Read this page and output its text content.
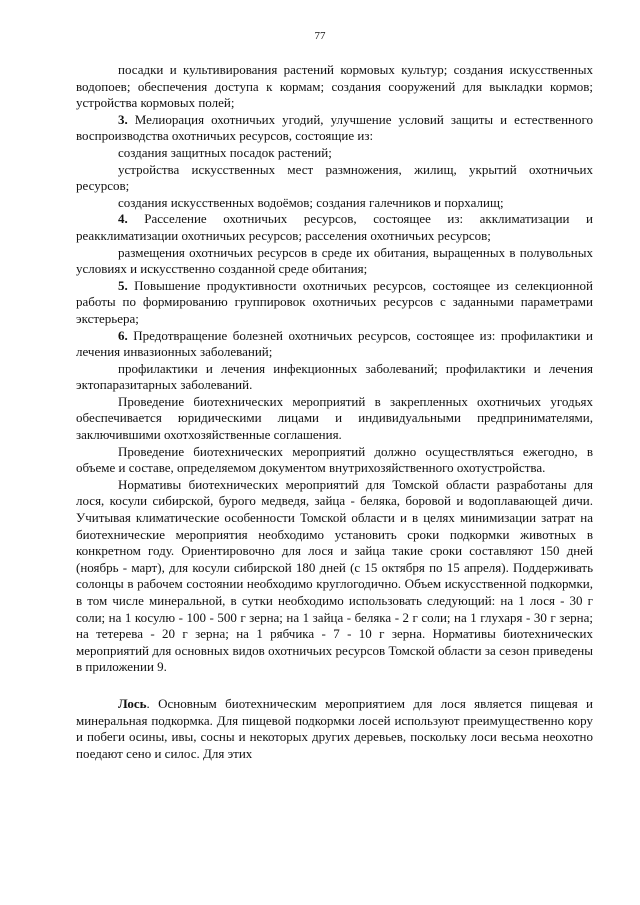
77

посадки и культивирования растений кормовых культур; создания искусственных водопоев; обеспечения доступа к кормам; создания сооружений для выкладки кормов; устройства кормовых полей;

3. Мелиорация охотничьих угодий, улучшение условий защиты и естественного воспроизводства охотничьих ресурсов, состоящие из:

создания защитных посадок растений;

устройства искусственных мест размножения, жилищ, укрытий охотничьих ресурсов;

создания искусственных водоёмов; создания галечников и порхалищ;

4. Расселение охотничьих ресурсов, состоящее из: акклиматизации и реакклиматизации охотничьих ресурсов; расселения охотничьих ресурсов;

размещения охотничьих ресурсов в среде их обитания, выращенных в полувольных условиях и искусственно созданной среде обитания;

5. Повышение продуктивности охотничьих ресурсов, состоящее из селекционной работы по формированию группировок охотничьих ресурсов с заданными параметрами экстерьера;

6. Предотвращение болезней охотничьих ресурсов, состоящее из: профилактики и лечения инвазионных заболеваний;

профилактики и лечения инфекционных заболеваний; профилактики и лечения эктопаразитарных заболеваний.

Проведение биотехнических мероприятий в закрепленных охотничьих угодьях обеспечивается юридическими лицами и индивидуальными предпринимателями, заключившими охотхозяйственные соглашения.

Проведение биотехнических мероприятий должно осуществляться ежегодно, в объеме и составе, определяемом документом внутрихозяйственного охотустройства.

Нормативы биотехнических мероприятий для Томской области разработаны для лося, косули сибирской, бурого медведя, зайца - беляка, боровой и водоплавающей дичи. Учитывая климатические особенности Томской области и в целях минимизации затрат на биотехнические мероприятия необходимо установить сроки подкормки животных в конкретном году. Ориентировочно для лося и зайца такие сроки составляют 150 дней (ноябрь - март), для косули сибирской 180 дней (с 15 октября по 15 апреля). Поддерживать солонцы в рабочем состоянии необходимо круглогодично. Объем искусственной подкормки, в том числе минеральной, в сутки необходимо использовать следующий: на 1 лося - 30 г соли; на 1 косулю - 100 - 500 г зерна; на 1 зайца - беляка - 2 г соли; на 1 глухаря - 30 г зерна; на тетерева - 20 г зерна; на 1 рябчика - 7 - 10 г зерна. Нормативы биотехнических мероприятий для основных видов охотничьих ресурсов Томской области за сезон приведены в приложении 9.

Лось. Основным биотехническим мероприятием для лося является пищевая и минеральная подкормка. Для пищевой подкормки лосей используют преимущественно кору и побеги осины, ивы, сосны и некоторых других деревьев, поскольку лоси весьма неохотно поедают сено и силос. Для этих
